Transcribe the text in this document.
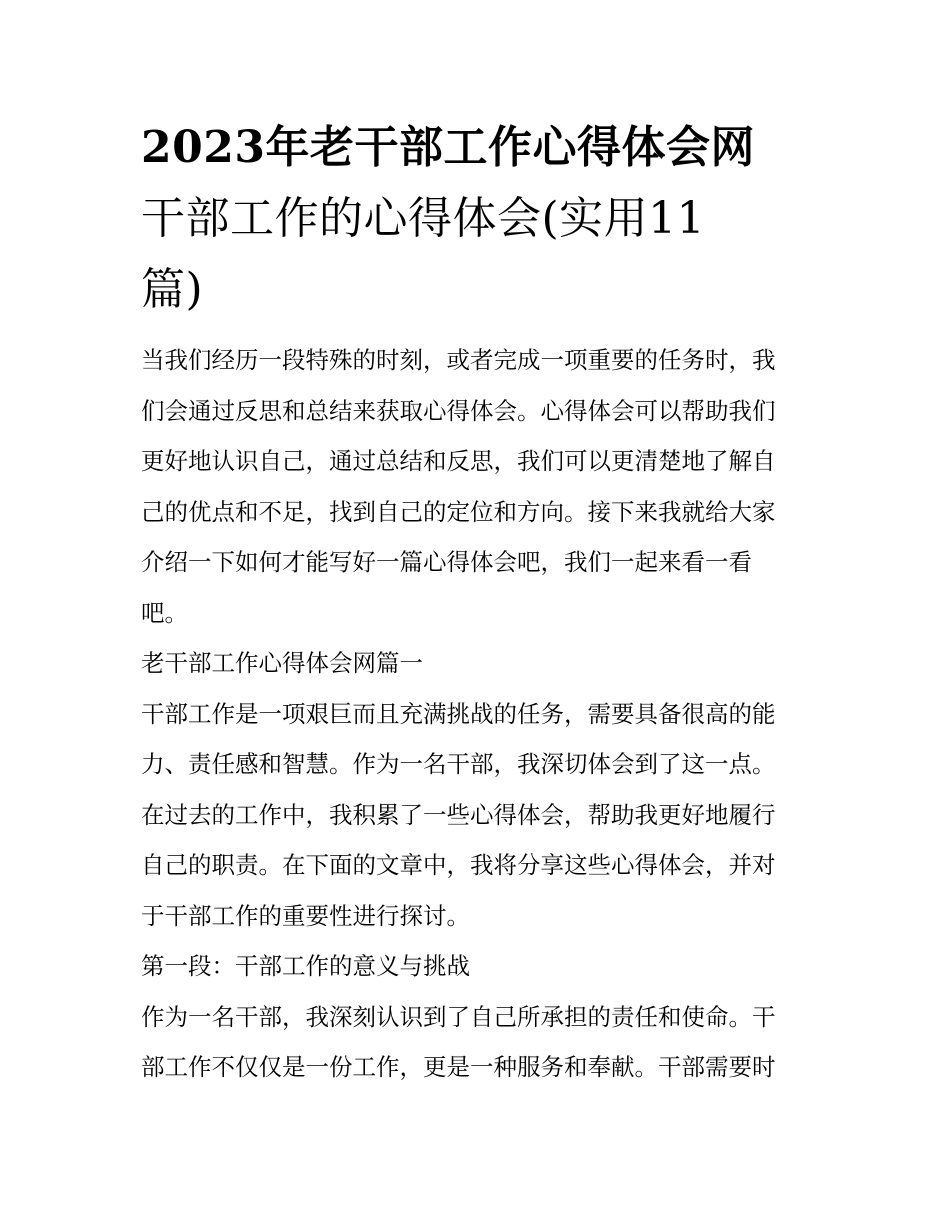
2023年老干部工作心得体会网
干部工作的心得体会(实用11
篇)

当我们经历一段特殊的时刻，或者完成一项重要的任务时，我
们会通过反思和总结来获取心得体会。心得体会可以帮助我们
更好地认识自己，通过总结和反思，我们可以更清楚地了解自
己的优点和不足，找到自己的定位和方向。接下来我就给大家
介绍一下如何才能写好一篇心得体会吧，我们一起来看一看
吧。

老干部工作心得体会网篇一

干部工作是一项艰巨而且充满挑战的任务，需要具备很高的能
力、责任感和智慧。作为一名干部，我深切体会到了这一点。
在过去的工作中，我积累了一些心得体会，帮助我更好地履行
自己的职责。在下面的文章中，我将分享这些心得体会，并对
于干部工作的重要性进行探讨。

第一段：干部工作的意义与挑战

作为一名干部，我深刻认识到了自己所承担的责任和使命。干
部工作不仅仅是一份工作，更是一种服务和奉献。干部需要时
